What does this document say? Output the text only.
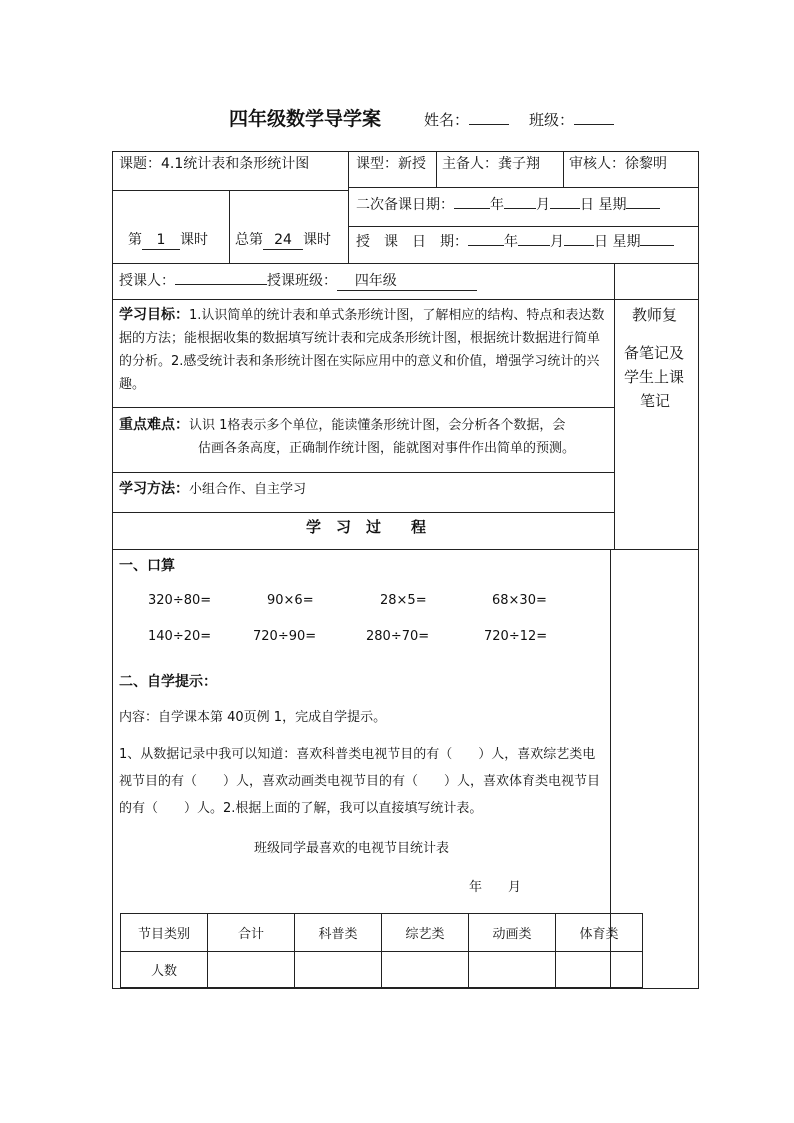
四年级数学导学案	姓名：	班级：
课题：4.1统计表和条形统计图	课型：新授 主备人：龚子翔 审核人：徐黎明
二次备课日期：	年 月 日 星期
授　课　日　期：	年 月 日 星期
第 1 课时 总第 24 课时
授课人：	授课班级： 四年级
学习目标：1.认识简单的统计表和单式条形统计图，了解相应的结构、特点和表达数据的方法；能根据收集的数据填写统计表和完成条形统计图，根据统计数据进行简单的分析。2.感受统计表和条形统计图在实际应用中的意义和价值，增强学习统计的兴趣。
教师复
备笔记及
学生上课
笔记
重点难点：认识 1格表示多个单位，能读懂条形统计图，会分析各个数据，会
估画各条高度，正确制作统计图，能就图对事件作出简单的预测。
学习方法：小组合作、自主学习
学　习　过　　程
一、口算
320÷80=	90×6=	28×5=	68×30=
140÷20=	720÷90=	280÷70=	720÷12=
二、自学提示：
内容：自学课本第 40页例 1，完成自学提示。
1、从数据记录中我可以知道：喜欢科普类电视节目的有（　　）人，喜欢综艺类电
视节目的有（　　）人，喜欢动画类电视节目的有（　　）人，喜欢体育类电视节目
的有（　　）人。2.根据上面的了解，我可以直接填写统计表。
班级同学最喜欢的电视节目统计表
年　　月
节目类别	合计	科普类	综艺类	动画类	体育类
人数					
